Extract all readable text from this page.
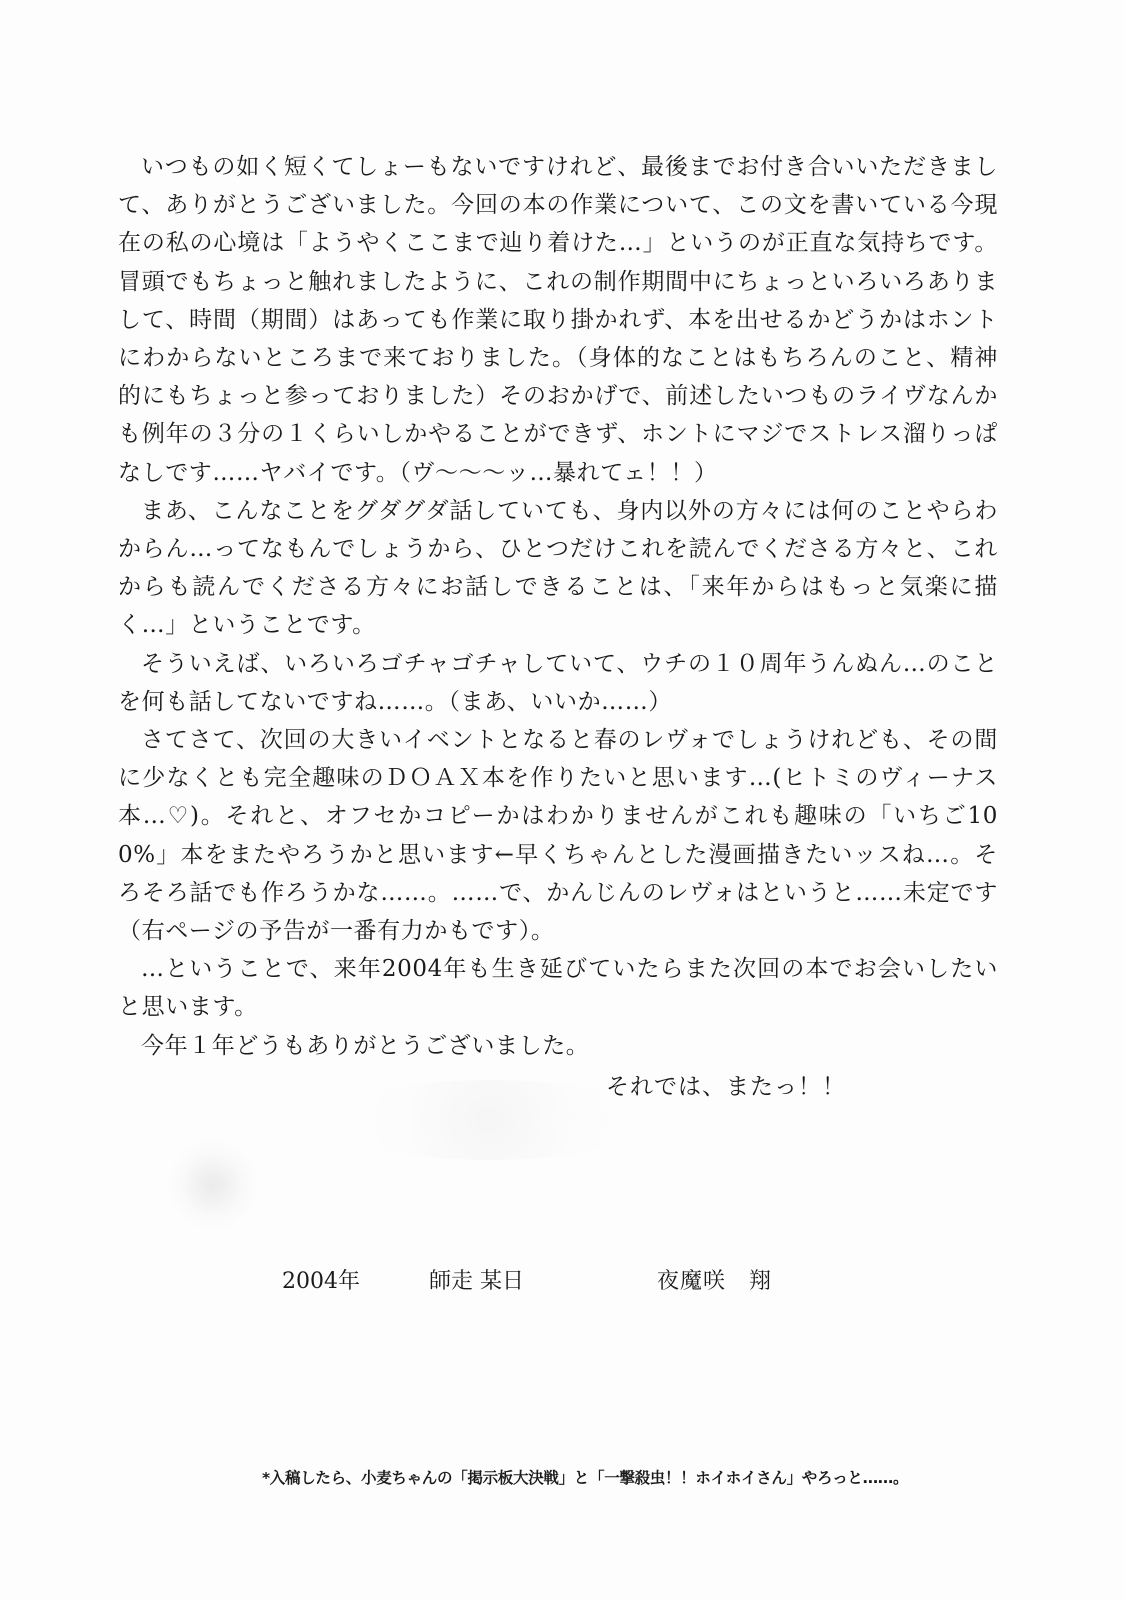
いつもの如く短くてしょーもないですけれど、最後までお付き合いいただきまして、ありがとうございました。今回の本の作業について、この文を書いている今現在の私の心境は「ようやくここまで辿り着けた…」というのが正直な気持ちです。冒頭でもちょっと触れましたように、これの制作期間中にちょっといろいろありまして、時間（期間）はあっても作業に取り掛かれず、本を出せるかどうかはホントにわからないところまで来ておりました。（身体的なことはもちろんのこと、精神的にもちょっと参っておりました）そのおかげで、前述したいつものライヴなんかも例年の３分の１くらいしかやることができず、ホントにマジでストレス溜りっぱなしです……ヤバイです。（ヴ～～～ッ…暴れてェ！！）

まあ、こんなことをグダグダ話していても、身内以外の方々には何のことやらわからん…ってなもんでしょうから、ひとつだけこれを読んでくださる方々と、これからも読んでくださる方々にお話しできることは、「来年からはもっと気楽に描く…」ということです。

そういえば、いろいろゴチャゴチャしていて、ウチの１０周年うんぬん…のことを何も話してないですね……。（まあ、いいか……）

さてさて、次回の大きいイベントとなると春のレヴォでしょうけれども、その間に少なくとも完全趣味のＤＯＡＸ本を作りたいと思います…(ヒトミのヴィーナス本…♡)。それと、オフセかコピーかはわかりませんがこれも趣味の「いちご100%」本をまたやろうかと思います←早くちゃんとした漫画描きたいッスね…。そろそろ話でも作ろうかな……。……で、かんじんのレヴォはというと……未定です（右ページの予告が一番有力かもです）。

…ということで、来年2004年も生き延びていたらまた次回の本でお会いしたいと思います。

今年１年どうもありがとうございました。

それでは、またっ！！

2004年	師走 某日	夜魔咲　翔

*入稿したら、小麦ちゃんの「掲示板大決戦」と「一撃殺虫！！ホイホイさん」やろっと……。
